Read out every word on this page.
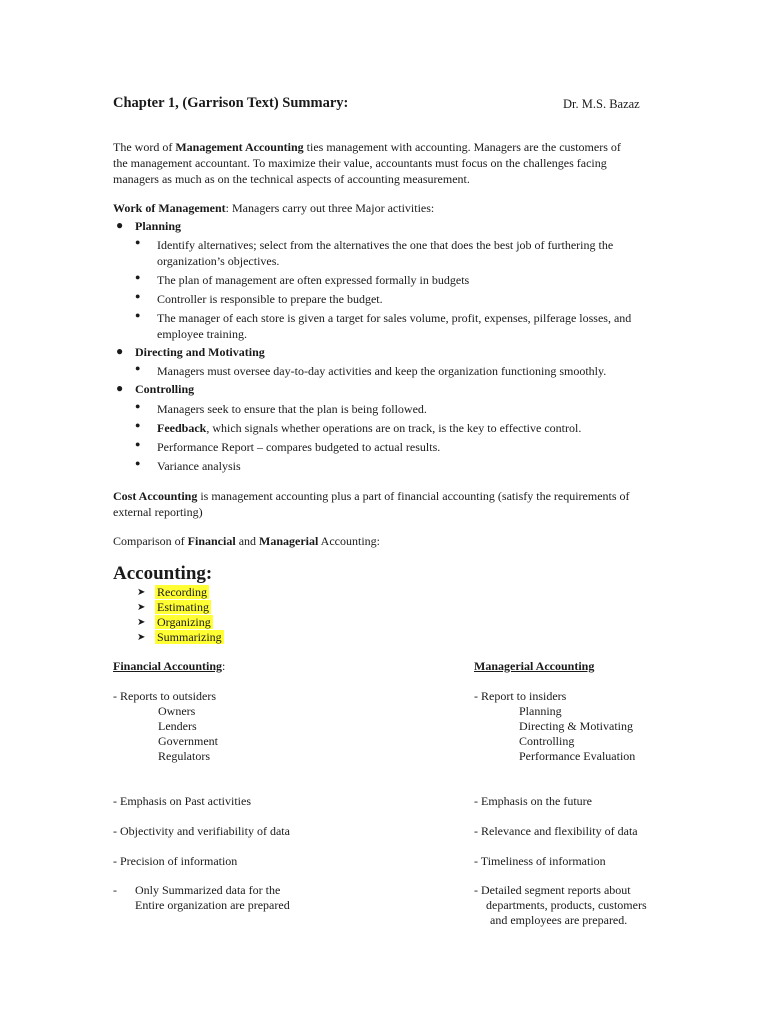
Chapter 1, (Garrison Text) Summary:	Dr. M.S. Bazaz

The word of Management Accounting ties management with accounting. Managers are the customers of
the management accountant. To maximize their value, accountants must focus on the challenges facing
managers as much as on the technical aspects of accounting measurement.

Work of Management: Managers carry out three Major activities:

● Planning
● Identify alternatives; select from the alternatives the one that does the best job of furthering the
organization’s objectives.
● The plan of management are often expressed formally in budgets
● Controller is responsible to prepare the budget.
● The manager of each store is given a target for sales volume, profit, expenses, pilferage losses, and
employee training.
● Directing and Motivating
● Managers must oversee day-to-day activities and keep the organization functioning smoothly.
● Controlling
● Managers seek to ensure that the plan is being followed.
● Feedback, which signals whether operations are on track, is the key to effective control.
● Performance Report – compares budgeted to actual results.
● Variance analysis

Cost Accounting is management accounting plus a part of financial accounting (satisfy the requirements of
external reporting)

Comparison of Financial and Managerial Accounting:

Accounting:
➤ Recording
➤ Estimating
➤ Organizing
➤ Summarizing
Financial Accounting:
- Reports to outsiders
Owners
Lenders
Government
Regulators
- Emphasis on Past activities
- Objectivity and verifiability of data
- Precision of information
- Only Summarized data for the
Entire organization are prepared
Managerial Accounting
- Report to insiders
Planning
Directing & Motivating
Controlling
Performance Evaluation
- Emphasis on the future
- Relevance and flexibility of data
- Timeliness of information
- Detailed segment reports about
departments, products, customers
and employees are prepared.
